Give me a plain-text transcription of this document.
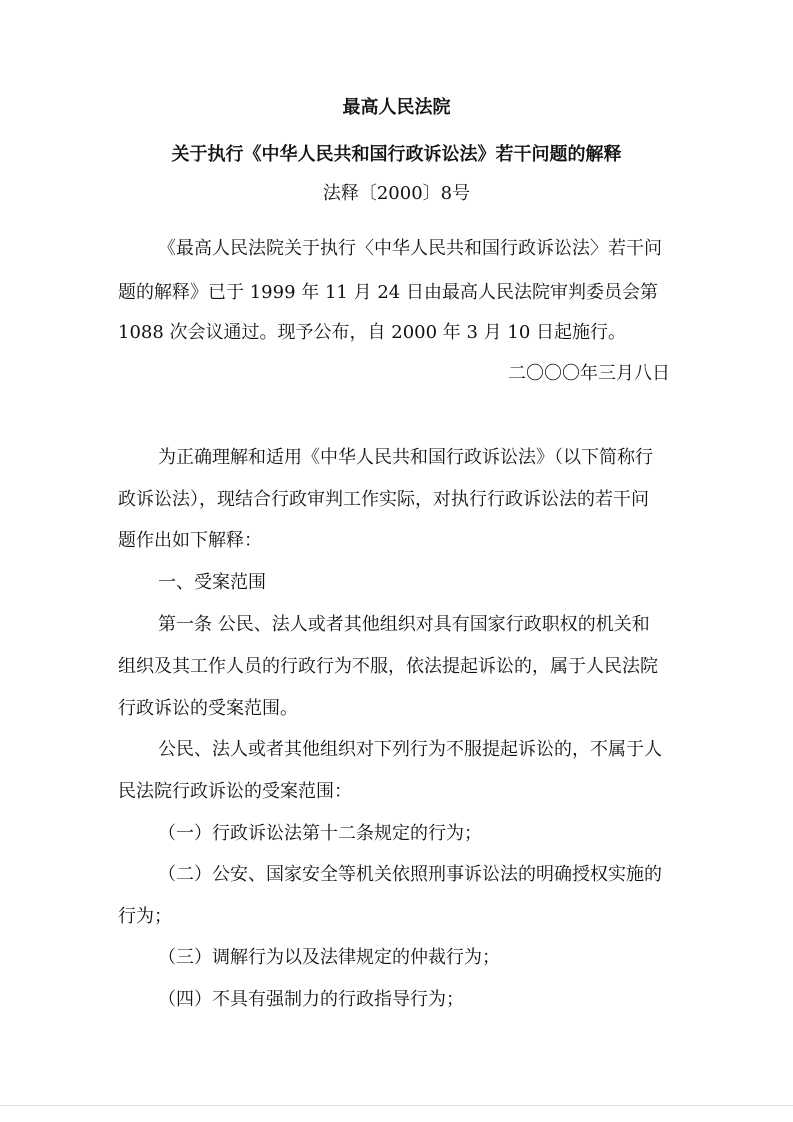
最高人民法院
关于执行《中华人民共和国行政诉讼法》若干问题的解释
法释〔2000〕8号
《最高人民法院关于执行〈中华人民共和国行政诉讼法〉若干问
题的解释》已于 1999 年 11 月 24 日由最高人民法院审判委员会第
1088 次会议通过。现予公布，自 2000 年 3 月 10 日起施行。
二〇〇〇年三月八日
为正确理解和适用《中华人民共和国行政诉讼法》（以下简称行
政诉讼法），现结合行政审判工作实际，对执行行政诉讼法的若干问
题作出如下解释：
一、受案范围
第一条 公民、法人或者其他组织对具有国家行政职权的机关和
组织及其工作人员的行政行为不服，依法提起诉讼的，属于人民法院
行政诉讼的受案范围。
公民、法人或者其他组织对下列行为不服提起诉讼的，不属于人
民法院行政诉讼的受案范围：
（一）行政诉讼法第十二条规定的行为；
（二）公安、国家安全等机关依照刑事诉讼法的明确授权实施的
行为；
（三）调解行为以及法律规定的仲裁行为；
（四）不具有强制力的行政指导行为；
